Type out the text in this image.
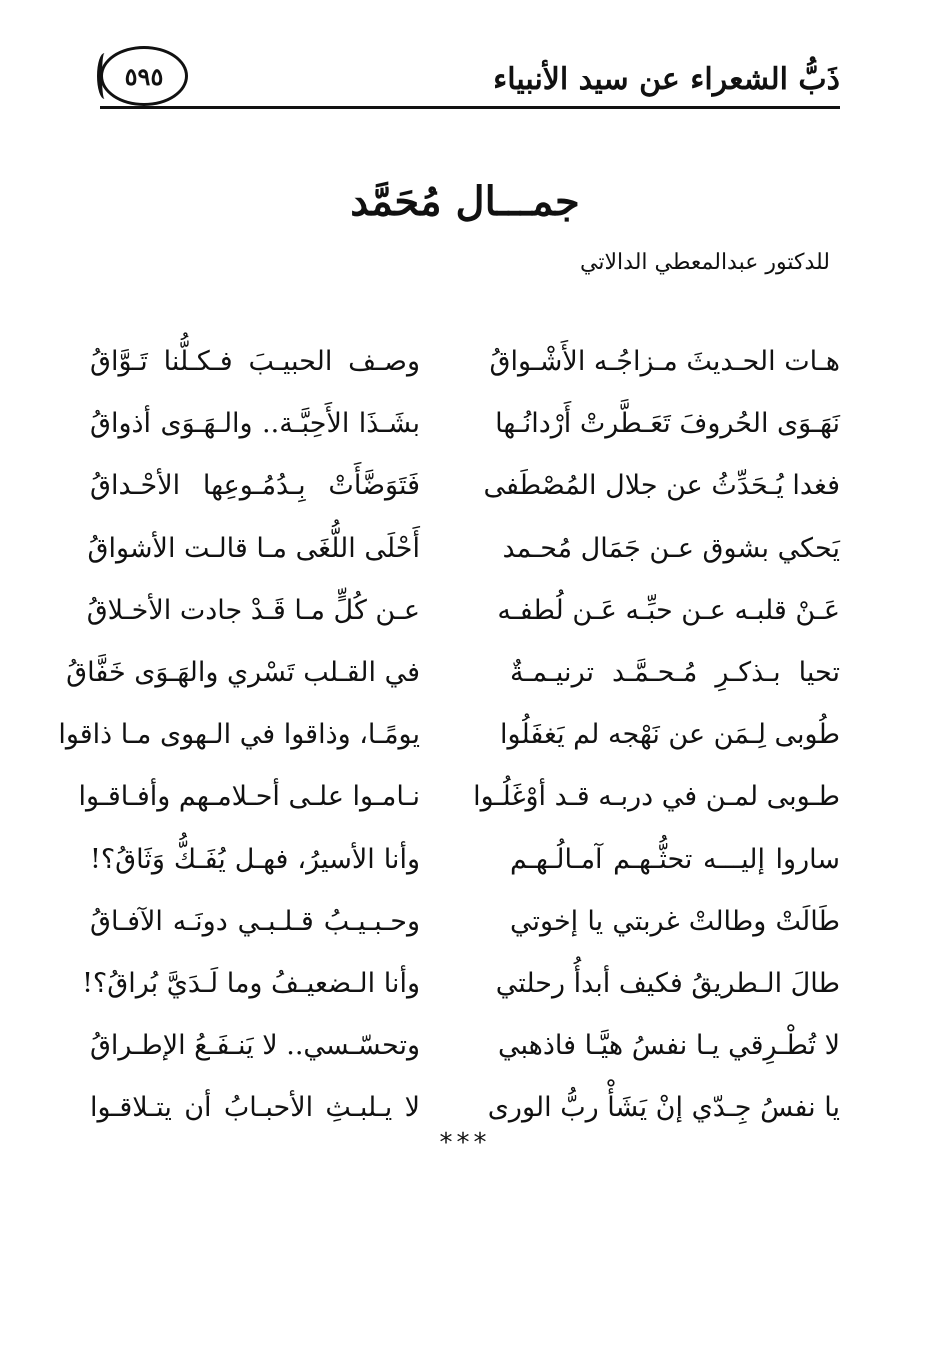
ذَبُّ الشعراء عن سيد الأنبياء
٥٩٥
جمـــال مُحَمَّد
للدكتور عبدالمعطي الدالاتي
هـات الحـديثَ مـزاجُـه الأَشْـواقُ
وصـف الحبيـبَ فـكـلُّنا تَـوَّاقُ
نَهَـوَى الحُروفَ تَعَـطَّرتْ أَرْدانُـها
بشَـذَا الأَحِبَّـة.. والـهَـوَى أذواقُ
فغدا يُـحَدِّثُ عن جلال المُصْطَفى
فَتَوَضَّأَتْ بِـدُمُـوعِها الأحْـداقُ
يَحكي بشوق عـن جَمَال مُحـمد
أَحْلَى اللُّغَى مـا قالـت الأشواقُ
عَـنْ قلبـه عـن حبِّـه عَـن لُطفـه
عـن كُلٍّ مـا قَـدْ جادت الأخـلاقُ
تحيا بـذكـرِ مُـحـمَّـد ترنيـمـةٌ
في القـلب تَسْري والهَـوَى خَفَّاقُ
طُوبى لِـمَن عن نَهْجه لم يَغفَلُوا
يومًـا، وذاقوا في الـهوى مـا ذاقوا
طـوبى لمـن في دربـه قـد أوْغَلُـوا
نـامـوا علـى أحـلامـهم وأفـاقـوا
ساروا إليـــه تحثُّـهـم آمـالُـهـم
وأنا الأسيرُ، فهـل يُفَـكُّ وَثَاقُ؟!
طَالَتْ وطالتْ غربتي يا إخوتي
وحـبـيـبُ قـلـبـي دونَـه الآفـاقُ
طالَ الـطريقُ فكيف أبدأُ رحلتي
وأنا الـضعيـفُ وما لَـدَيَّ بُراقُ؟!
لا تُطْـرِقي يـا نفسُ هيَّـا فاذهبي
وتحسّـسي.. لا يَنـفَـعُ الإطـراقُ
يا نفسُ جِـدّي إنْ يَشَأْ ربُّ الورى
لا يـلبـثِ الأحبـابُ أن يتـلاقـوا
***
